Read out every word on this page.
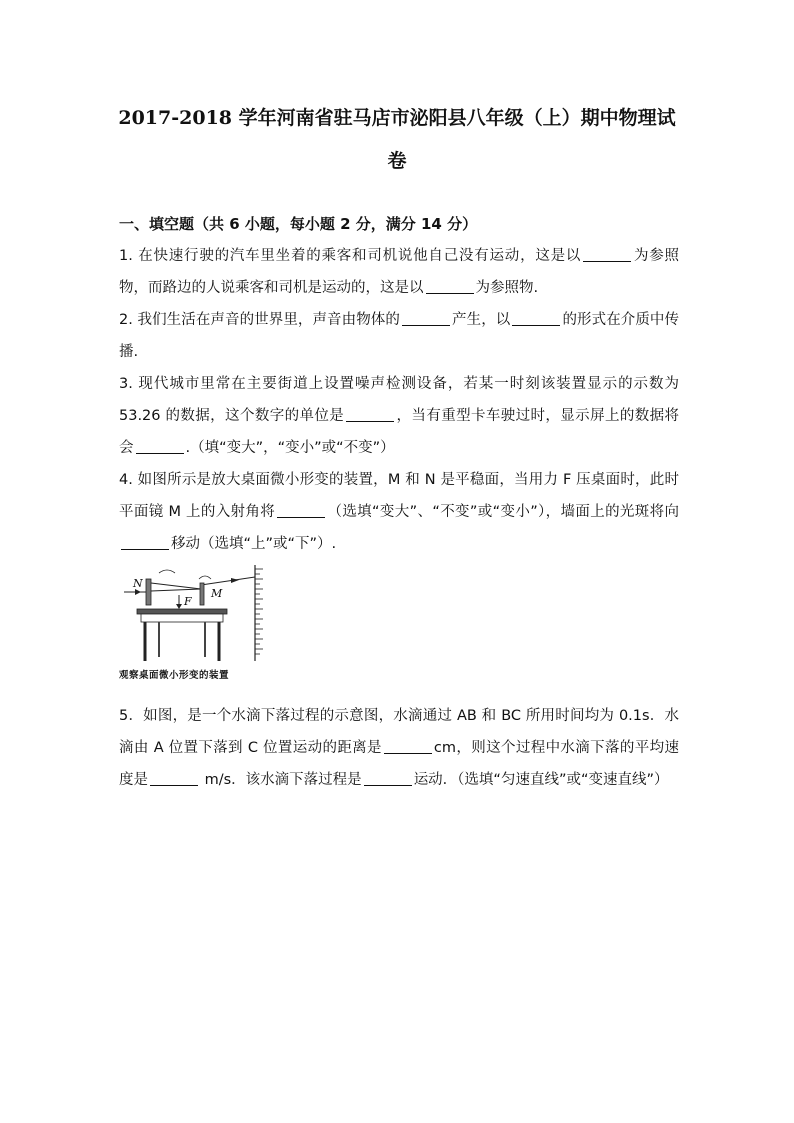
2017-2018 学年河南省驻马店市泌阳县八年级（上）期中物理试
卷
一、填空题（共 6 小题，每小题 2 分，满分 14 分）
1. 在快速行驶的汽车里坐着的乘客和司机说他自己没有运动，这是以	为参照物，而路边的人说乘客和司机是运动的，这是以	为参照物.
2. 我们生活在声音的世界里，声音由物体的	产生，以	的形式在介质中传播.
3. 现代城市里常在主要街道上设置噪声检测设备，若某一时刻该装置显示的示数为 53.26 的数据，这个数字的单位是	，当有重型卡车驶过时，显示屏上的数据将会	.（填“变大”，“变小”或“不变”）
4. 如图所示是放大桌面微小形变的装置，M 和 N 是平稳面，当用力 F 压桌面时，此时平面镜 M 上的入射角将	（选填“变大”、“不变”或“变小”），墙面上的光斑将向移动（选填“上”或“下”）.
N
M
F
观察桌面微小形变的装置
5．如图，是一个水滴下落过程的示意图，水滴通过 AB 和 BC 所用时间均为 0.1s．水滴由 A 位置下落到 C 位置运动的距离是	cm，则这个过程中水滴下落的平均速度是	m/s．该水滴下落过程是	运动．（选填“匀速直线”或“变速直线”）
